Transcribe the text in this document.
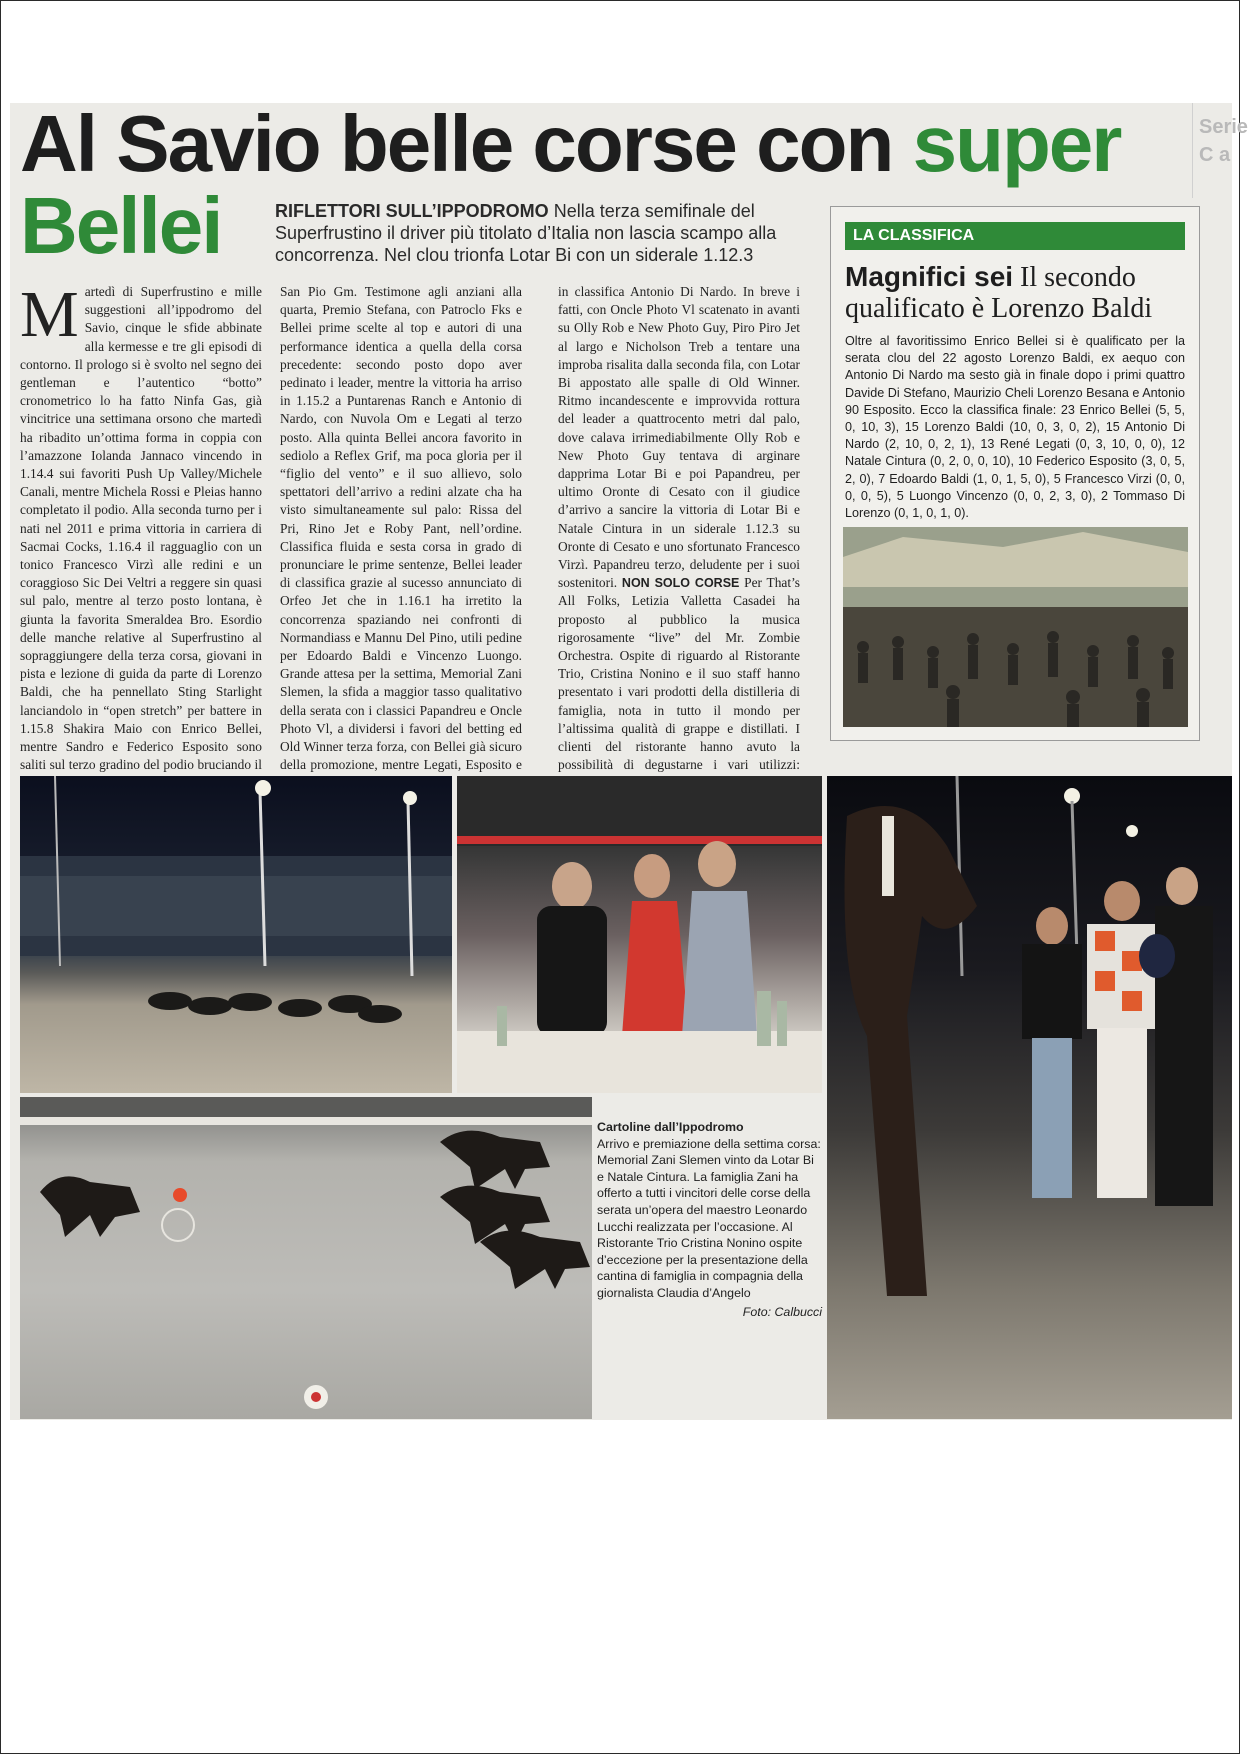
Serie C a
Al Savio belle corse con super
Bellei	RIFLETTORI SULL’IPPODROMO Nella terza semifinale del Superfrustino il driver più titolato d’Italia non lascia scampo alla concorrenza. Nel clou trionfa Lotar Bi con un siderale 1.12.3
Martedì di Superfrustino e mille suggestioni all’ippodromo del Savio, cinque le sfide abbinate alla kermesse e tre gli episodi di contorno. Il prologo si è svolto nel segno dei gentleman e l’autentico “botto” cronometrico lo ha fatto Ninfa Gas, già vincitrice una settimana orsono che martedì ha ribadito un’ottima forma in coppia con l’amazzone Iolanda Jannaco vincendo in 1.14.4 sui favoriti Push Up Valley/Michele Canali, mentre Michela Rossi e Pleias hanno completato il podio. Alla seconda turno per i nati nel 2011 e prima vittoria in carriera di Sacmai Cocks, 1.16.4 il ragguaglio con un tonico Francesco Virzì alle redini e un coraggioso Sic Dei Veltri a reggere sin quasi sul palo, mentre al terzo posto lontana, è giunta la favorita Smeraldea Bro. Esordio delle manche relative al Superfrustino al sopraggiungere della terza corsa, giovani in pista e lezione di guida da parte di Lorenzo Baldi, che ha pennellato Sting Starlight lanciandolo in “open stretch” per battere in 1.15.8 Shakira Maio con Enrico Bellei, mentre Sandro e Federico Esposito sono saliti sul terzo gradino del podio bruciando il
San Pio Gm. Testimone agli anziani alla quarta, Premio Stefana, con Patroclo Fks e Bellei prime scelte al top e autori di una performance identica a quella della corsa precedente: secondo posto dopo aver pedinato i leader, mentre la vittoria ha arriso in 1.15.2 a Puntarenas Ranch e Antonio di Nardo, con Nuvola Om e Legati al terzo posto. Alla quinta Bellei ancora favorito in sediolo a Reflex Grif, ma poca gloria per il “figlio del vento” e il suo allievo, solo spettatori dell’arrivo a redini alzate cha ha visto simultaneamente sul palo: Rissa del Pri, Rino Jet e Roby Pant, nell’ordine. Classifica fluida e sesta corsa in grado di pronunciare le prime sentenze, Bellei leader di classifica grazie al sucesso annunciato di Orfeo Jet che in 1.16.1 ha irretito la concorrenza spaziando nei confronti di Normandiass e Mannu Del Pino, utili pedine per Edoardo Baldi e Vincenzo Luongo. Grande attesa per la settima, Memorial Zani Slemen, la sfida a maggior tasso qualitativo della serata con i classici Papandreu e Oncle Photo Vl, a dividersi i favori del betting ed Old Winner terza forza, con Bellei già sicuro della promozione, mentre Legati, Esposito e
in classifica Antonio Di Nardo. In breve i fatti, con Oncle Photo Vl scatenato in avanti su Olly Rob e New Photo Guy, Piro Piro Jet al largo e Nicholson Treb a tentare una improba risalita dalla seconda fila, con Lotar Bi appostato alle spalle di Old Winner. Ritmo incandescente e improvvida rottura del leader a quattrocento metri dal palo, dove calava irrimediabilmente Olly Rob e New Photo Guy tentava di arginare dapprima Lotar Bi e poi Papandreu, per ultimo Oronte di Cesato con il giudice d’arrivo a sancire la vittoria di Lotar Bi e Natale Cintura in un siderale 1.12.3 su Oronte di Cesato e uno sfortunato Francesco Virzì. Papandreu terzo, deludente per i suoi sostenitori. NON SOLO CORSE Per That’s All Folks, Letizia Valletta Casadei ha proposto al pubblico la musica rigorosamente “live” del Mr. Zombie Orchestra. Ospite di riguardo al Ristorante Trio, Cristina Nonino e il suo staff hanno presentato i vari prodotti della distilleria di famiglia, nota in tutto il mondo per l’altissima qualità di grappe e distillati. I clienti del ristorante hanno avuto la possibilità di degustarne i vari utilizzi:
LA CLASSIFICA
Magnifici sei Il secondo qualificato è Lorenzo Baldi
Oltre al favoritissimo Enrico Bellei si è qualificato per la serata clou del 22 agosto Lorenzo Baldi, ex aequo con Antonio Di Nardo ma sesto già in finale dopo i primi quattro Davide Di Stefano, Maurizio Cheli Lorenzo Besana e Antonio 90 Esposito. Ecco la classifica finale: 23 Enrico Bellei (5, 5, 0, 10, 3), 15 Lorenzo Baldi (10, 0, 3, 0, 2), 15 Antonio Di Nardo (2, 10, 0, 2, 1), 13 René Legati (0, 3, 10, 0, 0), 12 Natale Cintura (0, 2, 0, 0, 10), 10 Federico Esposito (3, 0, 5, 2, 0), 7 Edoardo Baldi (1, 0, 1, 5, 0), 5 Francesco Virzi (0, 0, 0, 0, 5), 5 Luongo Vincenzo (0, 0, 2, 3, 0), 2 Tommaso Di Lorenzo (0, 1, 0, 1, 0).
Cartoline dall’Ippodromo
Arrivo e premiazione della settima corsa: Memorial Zani Slemen vinto da Lotar Bi e Natale Cintura. La famiglia Zani ha offerto a tutti i vincitori delle corse della serata un’opera del maestro Leonardo Lucchi realizzata per l’occasione. Al Ristorante Trio Cristina Nonino ospite d’eccezione per la presentazione della cantina di famiglia in compagnia della giornalista Claudia d’Angelo
Foto: Calbucci
